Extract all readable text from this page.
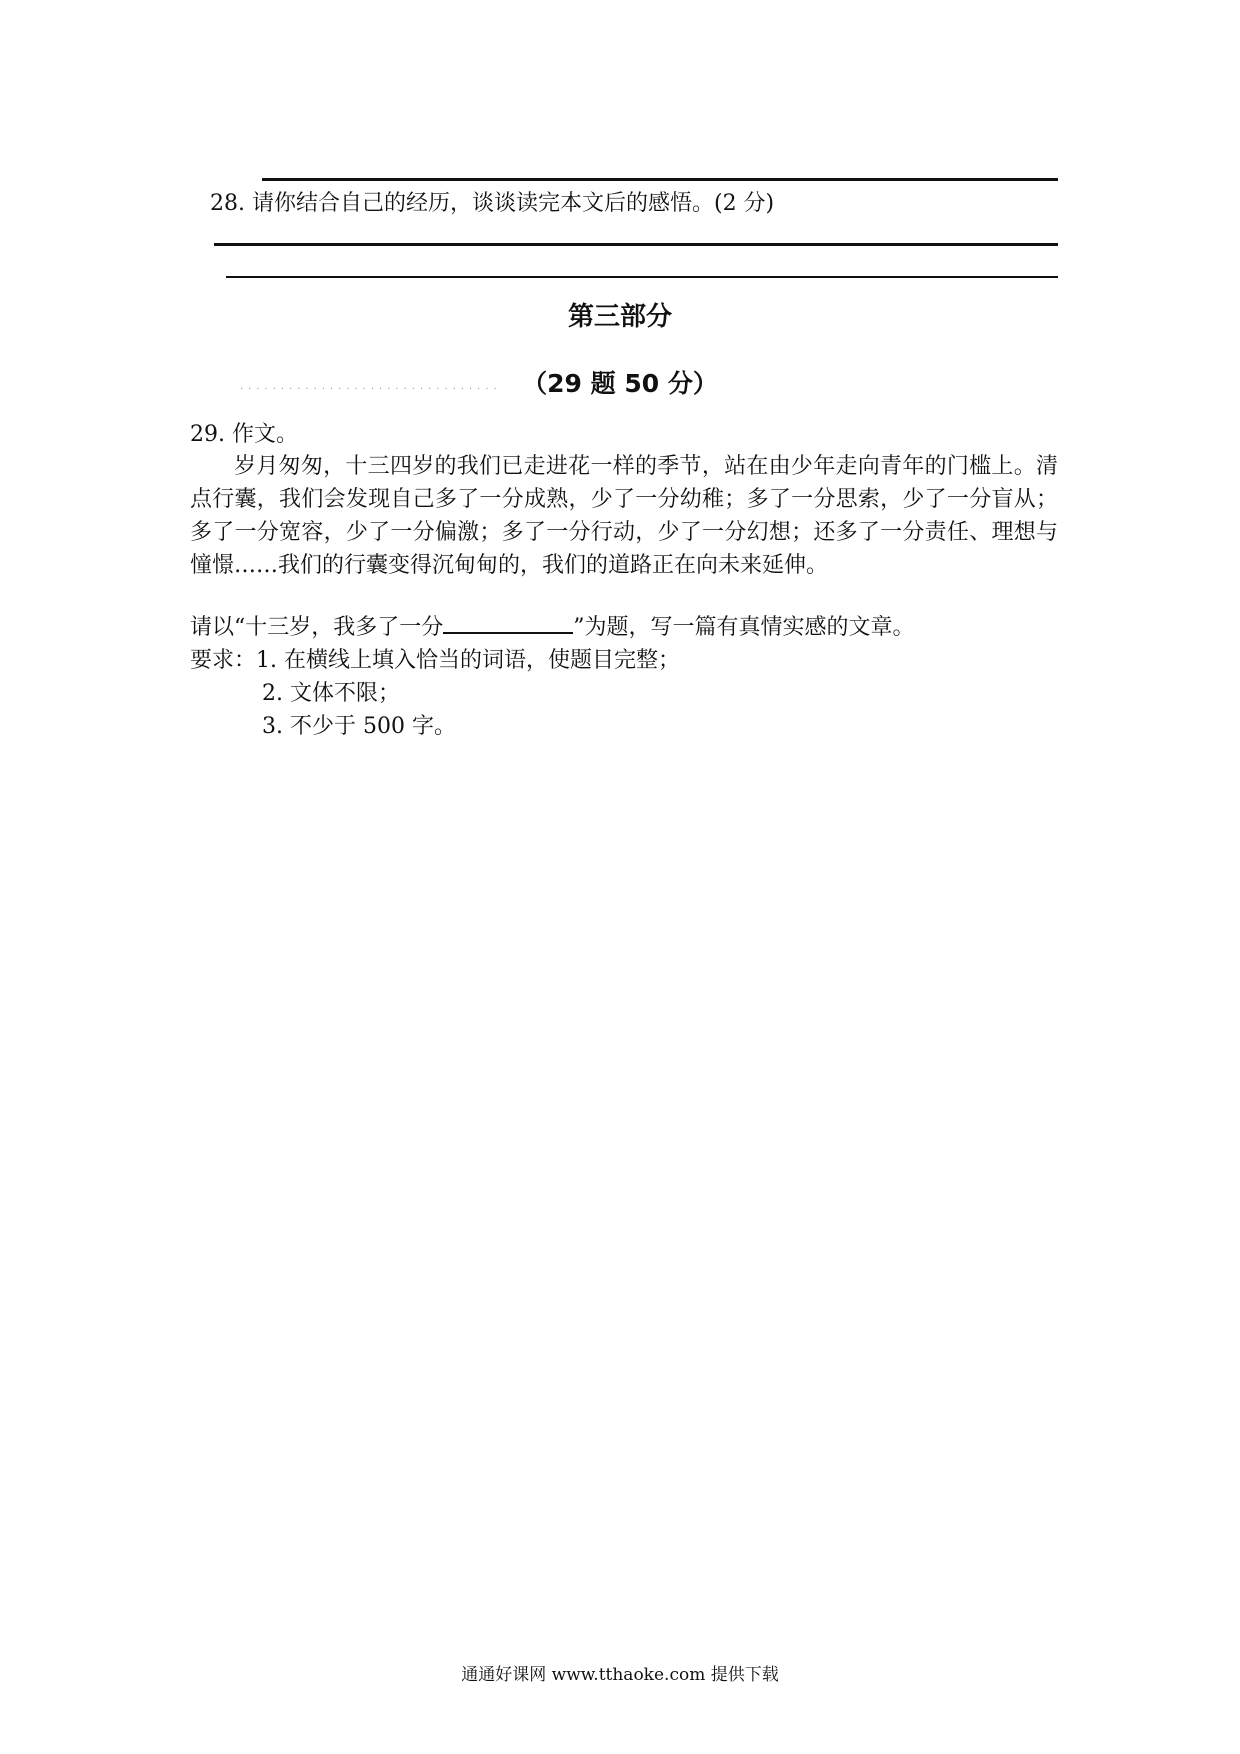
28. 请你结合自己的经历，谈谈读完本文后的感悟。(2 分)
第三部分
································ （29 题 50 分）
29. 作文。
岁月匆匆，十三四岁的我们已走进花一样的季节，站在由少年走向青年的门槛上。清点行囊，我们会发现自己多了一分成熟，少了一分幼稚；多了一分思索，少了一分盲从；多了一分宽容，少了一分偏激；多了一分行动，少了一分幻想；还多了一分责任、理想与憧憬……我们的行囊变得沉甸甸的，我们的道路正在向未来延伸。
请以“十三岁，我多了一分	”为题，写一篇有真情实感的文章。
要求：1. 在横线上填入恰当的词语，使题目完整；
2. 文体不限；
3. 不少于 500 字。
通通好课网 www.tthaoke.com 提供下载
